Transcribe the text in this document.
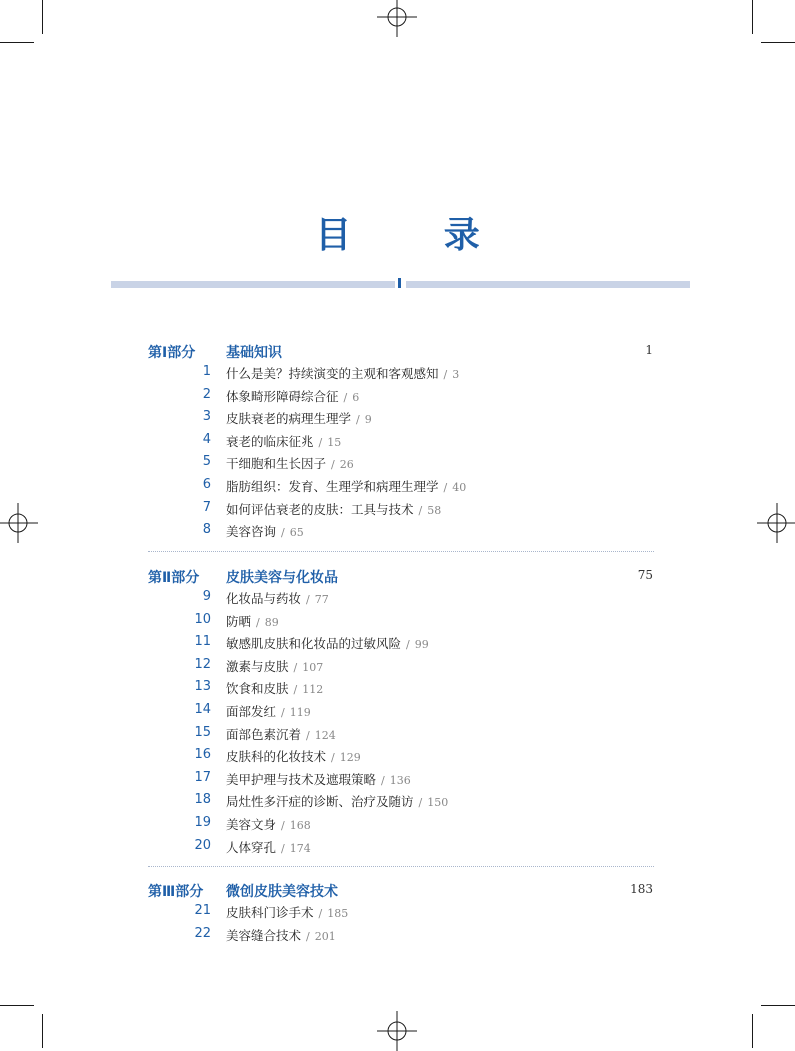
目 录
第Ⅰ部分 基础知识	1
1 什么是美？持续演变的主观和客观感知 / 3
2 体象畸形障碍综合征 / 6
3 皮肤衰老的病理生理学 / 9
4 衰老的临床征兆 / 15
5 干细胞和生长因子 / 26
6 脂肪组织：发育、生理学和病理生理学 / 40
7 如何评估衰老的皮肤：工具与技术 / 58
8 美容咨询 / 65
第Ⅱ部分 皮肤美容与化妆品	75
9 化妆品与药妆 / 77
10 防晒 / 89
11 敏感肌皮肤和化妆品的过敏风险 / 99
12 激素与皮肤 / 107
13 饮食和皮肤 / 112
14 面部发红 / 119
15 面部色素沉着 / 124
16 皮肤科的化妆技术 / 129
17 美甲护理与技术及遮瑕策略 / 136
18 局灶性多汗症的诊断、治疗及随访 / 150
19 美容文身 / 168
20 人体穿孔 / 174
第Ⅲ部分 微创皮肤美容技术	183
21 皮肤科门诊手术 / 185
22 美容缝合技术 / 201
